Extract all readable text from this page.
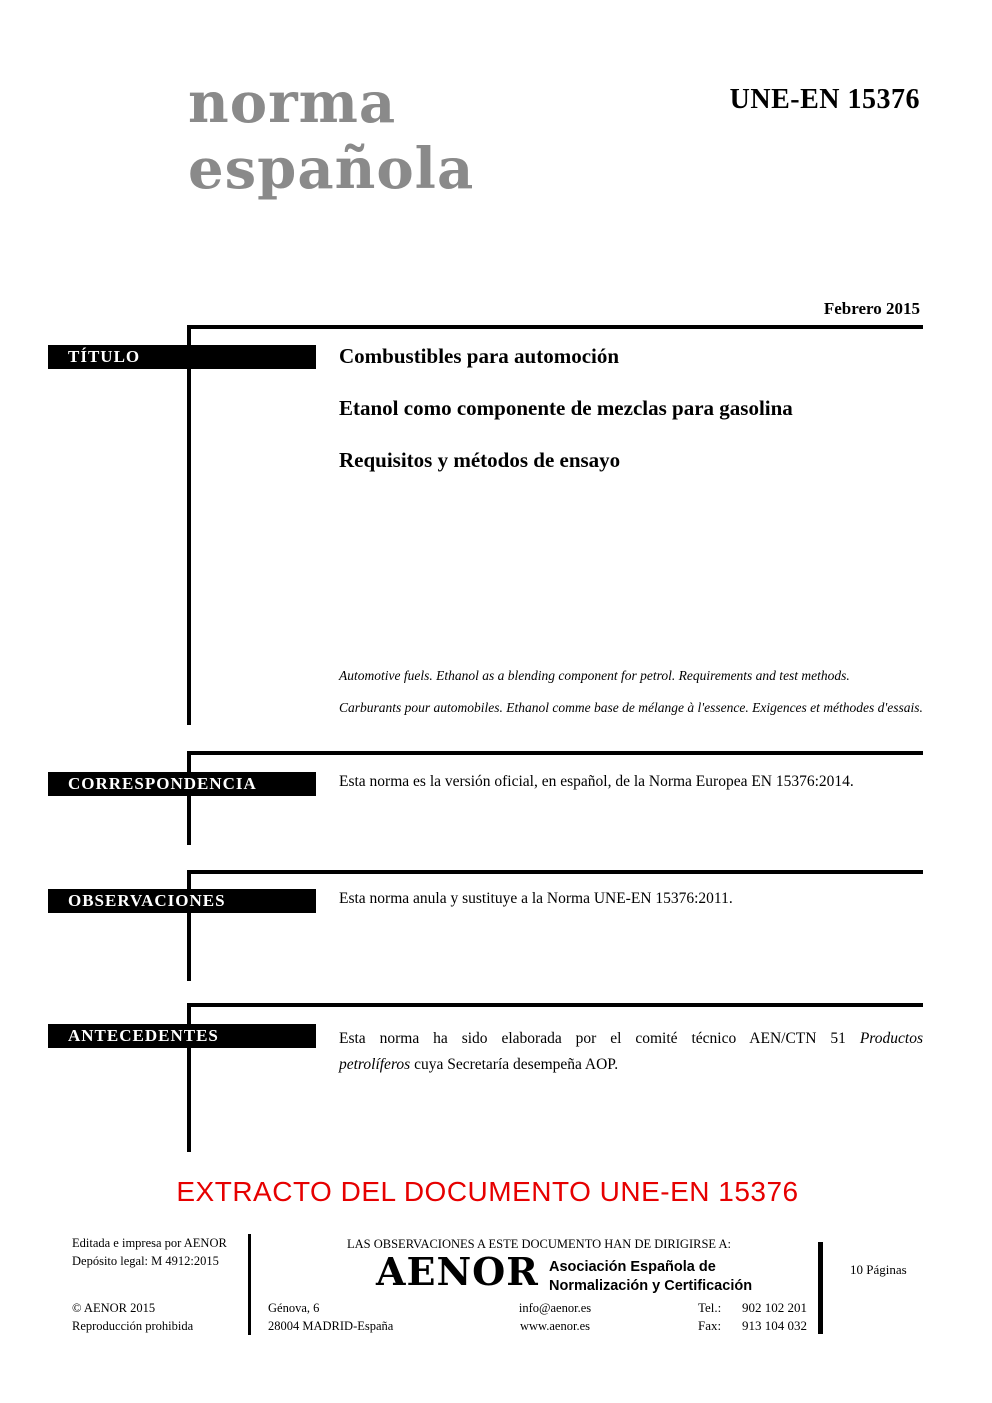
norma
española
UNE-EN 15376
Febrero 2015
TÍTULO	Combustibles para automoción
Etanol como componente de mezclas para gasolina
Requisitos y métodos de ensayo
Automotive fuels. Ethanol as a blending component for petrol. Requirements and test methods.
Carburants pour automobiles. Ethanol comme base de mélange à l'essence. Exigences et méthodes d'essais.
CORRESPONDENCIA	Esta norma es la versión oficial, en español, de la Norma Europea EN 15376:2014.
OBSERVACIONES	Esta norma anula y sustituye a la Norma UNE-EN 15376:2011.
ANTECEDENTES	Esta norma ha sido elaborada por el comité técnico AEN/CTN 51 Productos
petrolíferos cuya Secretaría desempeña AOP.
EXTRACTO DEL DOCUMENTO UNE-EN 15376
Editada e impresa por AENOR
Depósito legal: M 4912:2015
© AENOR 2015
Reproducción prohibida
LAS OBSERVACIONES A ESTE DOCUMENTO HAN DE DIRIGIRSE A:
AENOR Asociación Española de
Normalización y Certificación
Génova, 6
28004 MADRID-España
info@aenor.es
www.aenor.es
Tel.:	902 102 201
Fax:	913 104 032
10 Páginas
